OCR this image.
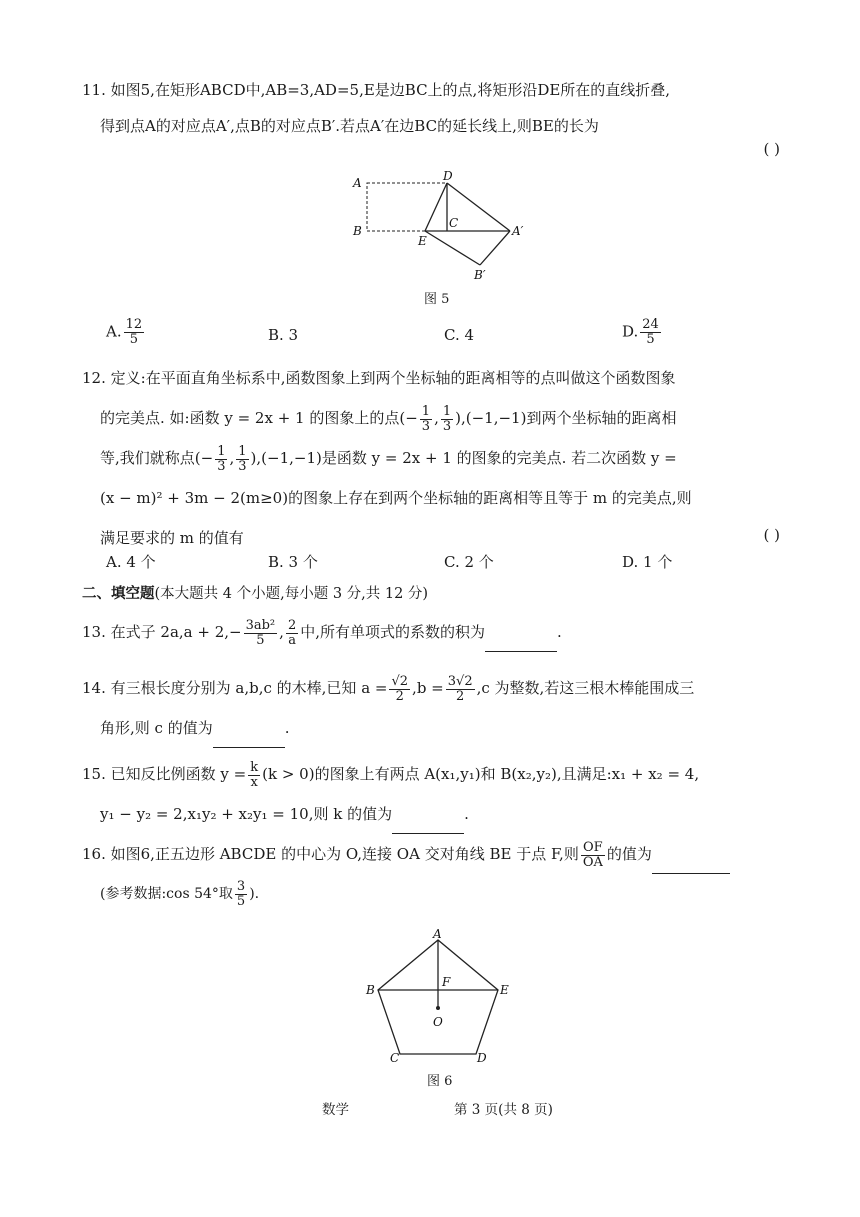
11. 如图5,在矩形ABCD中,AB=3,AD=5,E是边BC上的点,将矩形沿DE所在的直线折叠,
得到点A的对应点A′,点B的对应点B′.若点A′在边BC的延长线上,则BE的长为
( )
A
B
D
C
E
A′
B′
图 5
A. $\frac{12}{5}$	B. 3	C. 4	D. $\frac{24}{5}$
12. 定义:在平面直角坐标系中,函数图象上到两个坐标轴的距离相等的点叫做这个函数图象
的完美点. 如:函数 y = 2x + 1 的图象上的点(− $\frac{1}{3}$ , $\frac{1}{3} ),(-1,-1)$到两个坐标轴的距离相
等,我们就称点(− $\frac{1}{3}$ , $\frac{1}{3} ),(-1,-1)$是函数 y = 2x + 1 的图象的完美点. 若二次函数 y =
(x − m)² + 3m − 2(m≥0)的图象上存在到两个坐标轴的距离相等且等于 m 的完美点,则
满足要求的 m 的值有	( )
A. 4 个	B. 3 个	C. 2 个	D. 1 个
二、填空题(本大题共 4 个小题,每小题 3 分,共 12 分)
13. 在式子 $2a,a + 2,- \frac{\text{3ab²}}{5}$ , $\frac{2}{a}$ 中,所有单项式的系数的积为	.
14. 有三根长度分别为 a,b,c 的木棒,已知 $a = \frac{√2}{2} ,b = \frac{3√2}{2} ,c$ 为整数,若这三根木棒能围成三
角形,则 c 的值为	.
15. 已知反比例函数 $y = \frac{k}{x} (k > 0)$的图象上有两点 A(x₁,y₁)和 B(x₂,y₂),且满足:x₁ + x₂ = 4,
y₁ − y₂ = 2,x₁y₂ + x₂y₁ = 10,则 k 的值为	.
16. 如图6,正五边形 ABCDE 的中心为 O,连接 OA 交对角线 BE 于点 F,则 $\frac{OF}{OA}$ 的值为
(参考数据:cos 54°取 $\frac{3}{5}$ ).
A
B	E
F
O
C	D
图 6
数学	第 3 页(共 8 页)
